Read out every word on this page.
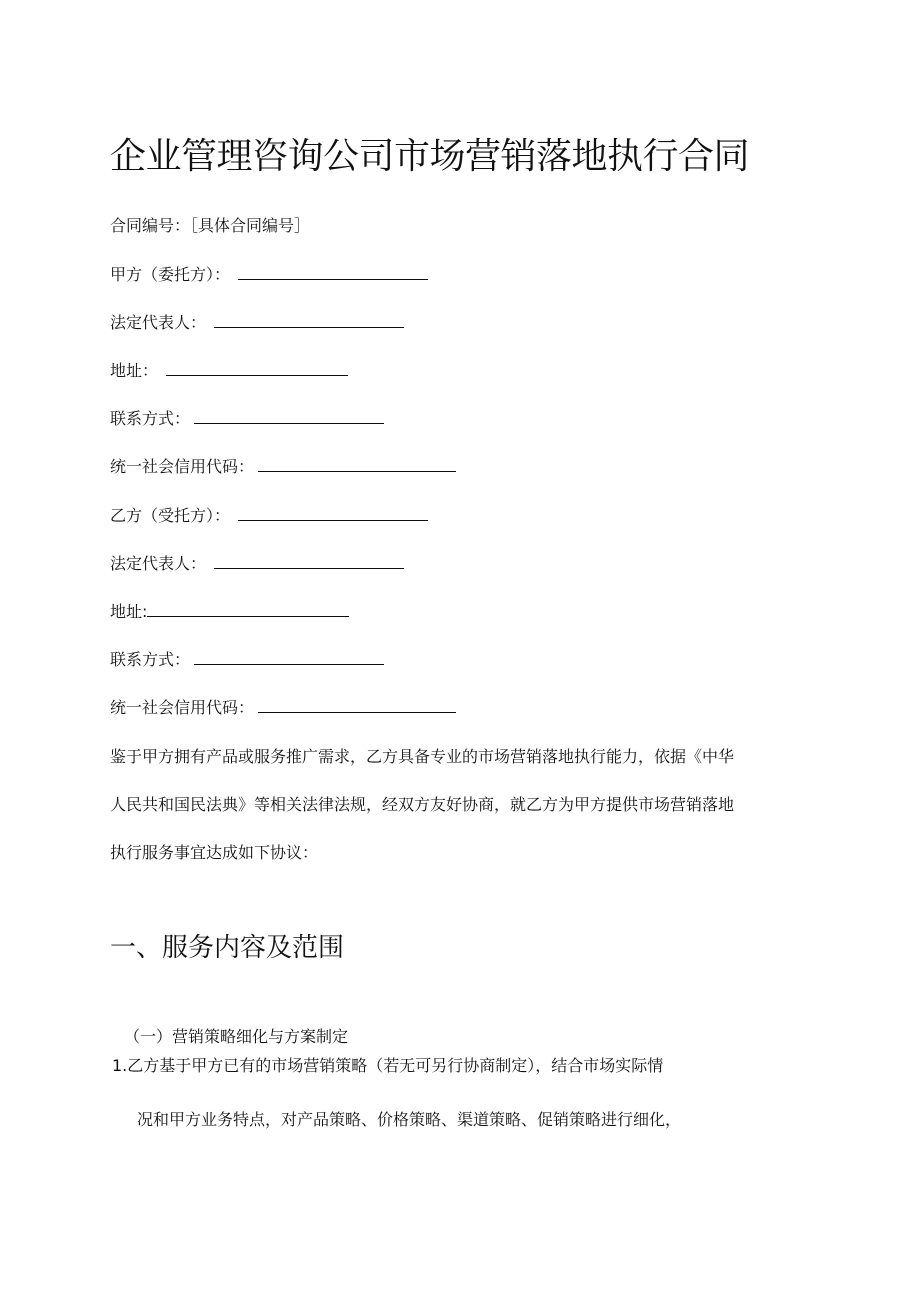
企业管理咨询公司市场营销落地执行合同
合同编号：［具体合同编号］
甲方（委托方）：
法定代表人：
地址：
联系方式：
统一社会信用代码：
乙方（受托方）：
法定代表人：
地址:
联系方式：
统一社会信用代码：

鉴于甲方拥有产品或服务推广需求，乙方具备专业的市场营销落地执行能力，依据《中华
人民共和国民法典》等相关法律法规，经双方友好协商，就乙方为甲方提供市场营销落地
执行服务事宜达成如下协议：

一、服务内容及范围
（一）营销策略细化与方案制定
1.乙方基于甲方已有的市场营销策略（若无可另行协商制定），结合市场实际情
况和甲方业务特点，对产品策略、价格策略、渠道策略、促销策略进行细化，
